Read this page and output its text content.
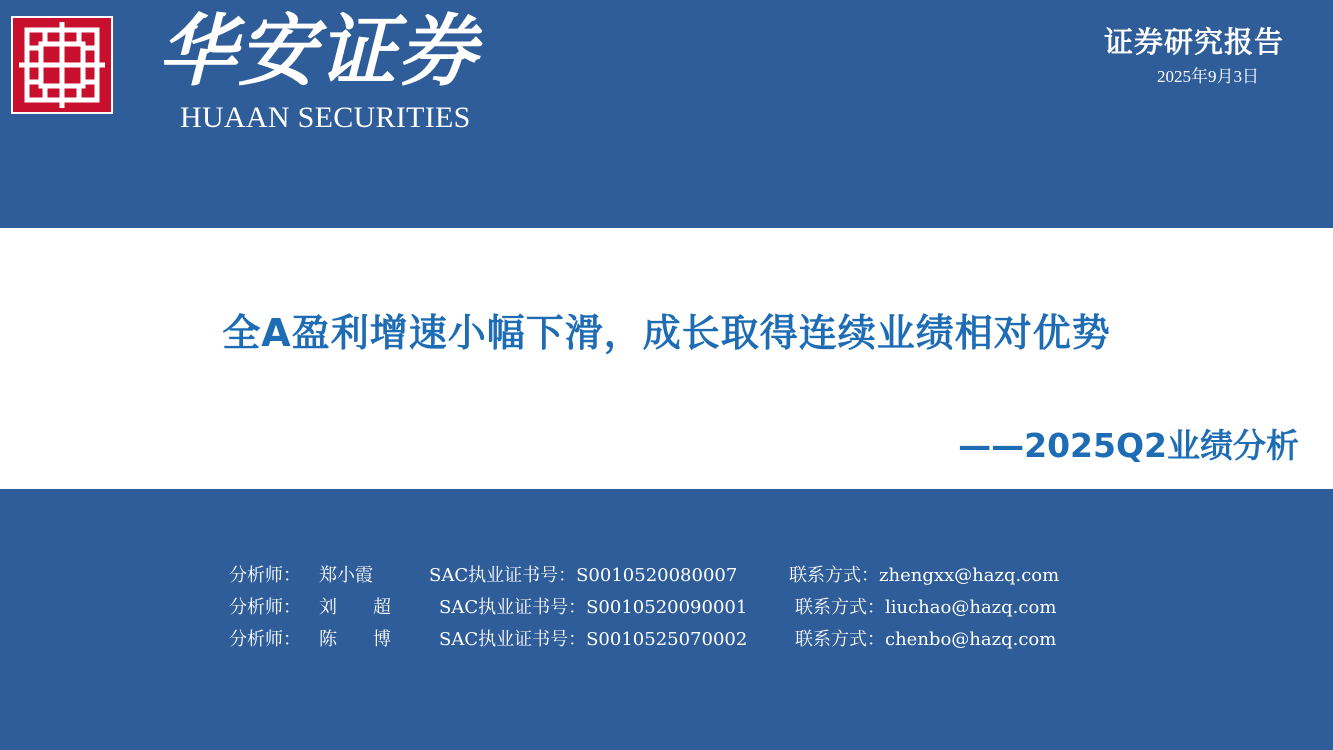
华安证券
HUAAN SECURITIES
证券研究报告
2025年9月3日
全A盈利增速小幅下滑，成长取得连续业绩相对优势
——2025Q2业绩分析
分析师： 郑小霞	SAC执业证书号：S0010520080007	联系方式：zhengxx@hazq.com
分析师： 刘　　超	SAC执业证书号：S0010520090001	联系方式：liuchao@hazq.com
分析师： 陈　　博	SAC执业证书号：S0010525070002	联系方式：chenbo@hazq.com
